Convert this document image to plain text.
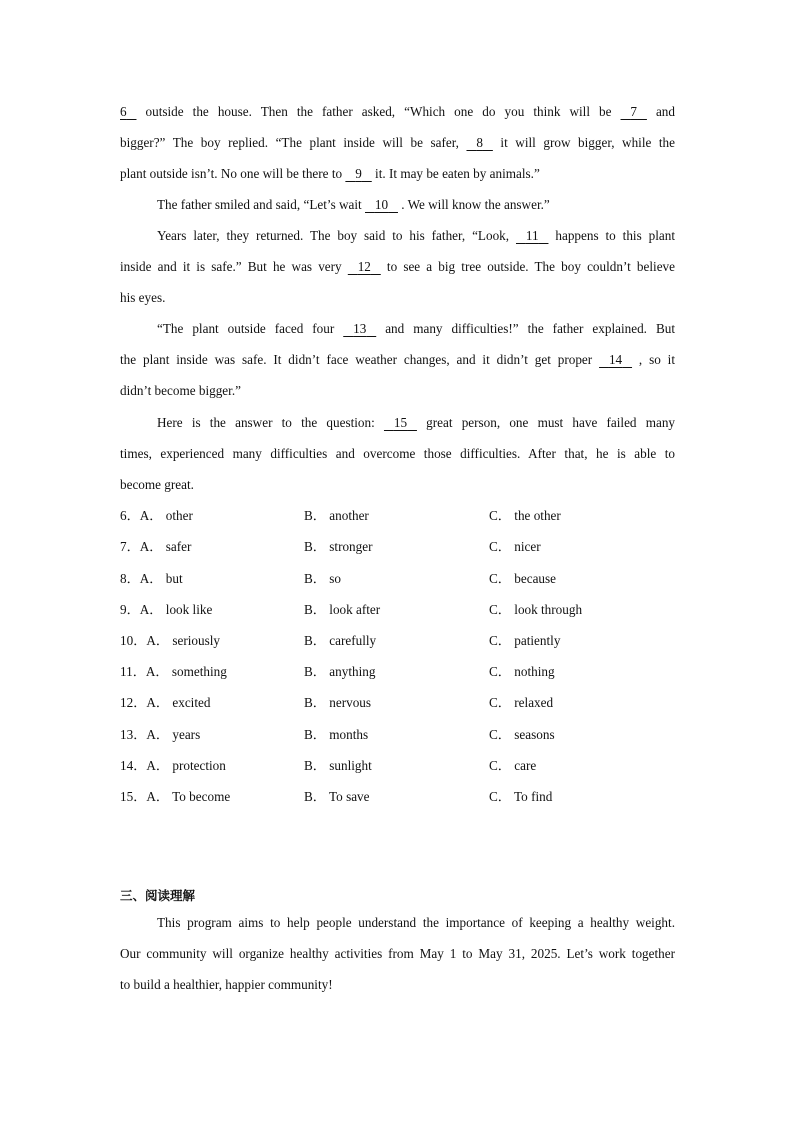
6 outside the house. Then the father asked, “Which one do you think will be 7 and
bigger?” The boy replied. “The plant inside will be safer, 8 it will grow bigger, while the
plant outside isn’t. No one will be there to 9 it. It may be eaten by animals.”
The father smiled and said, “Let’s wait 10 . We will know the answer.”
Years later, they returned. The boy said to his father, “Look, 11 happens to this plant
inside and it is safe.” But he was very 12 to see a big tree outside. The boy couldn’t believe
his eyes.
“The plant outside faced four 13 and many difficulties!” the father explained. But
the plant inside was safe. It didn’t face weather changes, and it didn’t get proper 14 , so it
didn’t become bigger.”
Here is the answer to the question: 15 great person, one must have failed many
times, experienced many difficulties and overcome those difficulties. After that, he is able to
become great.
6．A． other	B． another	C． the other
7．A． safer	B． stronger	C． nicer
8．A． but	B． so	C． because
9．A． look like	B． look after	C． look through
10．A． seriously	B． carefully	C． patiently
11．A． something	B． anything	C． nothing
12．A． excited	B． nervous	C． relaxed
13．A． years	B． months	C． seasons
14．A． protection	B． sunlight	C． care
15．A． To become	B． To save	C． To find
三、阅读理解
This program aims to help people understand the importance of keeping a healthy weight.
Our community will organize healthy activities from May 1 to May 31, 2025. Let’s work together
to build a healthier, happier community!
